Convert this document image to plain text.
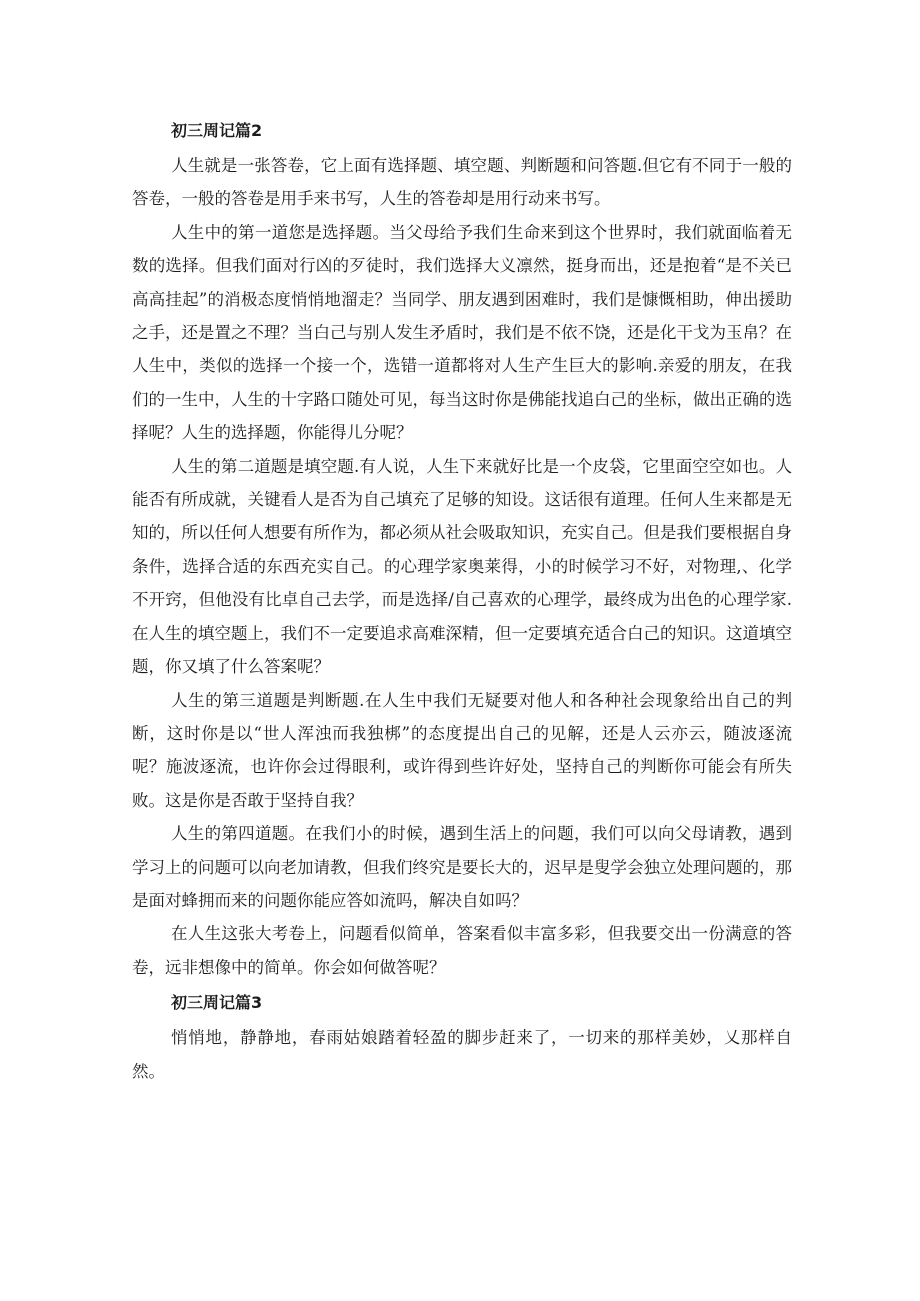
初三周记篇2

人生就是一张答卷，它上面有选择题、填空题、判断题和问答题.但它有不同于一般的答卷，一般的答卷是用手来书写，人生的答卷却是用行动来书写。

人生中的第一道您是选择题。当父母给予我们生命来到这个世界时，我们就面临着无数的选择。但我们面对行凶的歹徒时，我们选择大义凛然，挺身而出，还是抱着“是不关已高高挂起”的消极态度悄悄地溜走？当同学、朋友遇到困难时，我们是慷慨相助，伸出援助之手，还是置之不理？当白己与别人发生矛盾时，我们是不依不饶，还是化干戈为玉帛？在人生中，类似的选择一个接一个，选错一道都将对人生产生巨大的影响.亲爱的朋友，在我们的一生中，人生的十字路口随处可见，每当这时你是佛能找追白己的坐标，做出正确的选择呢？人生的选择题，你能得儿分呢？

人生的第二道题是填空题.有人说，人生下来就好比是一个皮袋，它里面空空如也。人能否有所成就，关键看人是否为自己填充了足够的知设。这话很有道理。任何人生来都是无知的，所以任何人想要有所作为，都必须从社会吸取知识，充实自己。但是我们要根据自身条件，选择合适的东西充实自己。的心理学家奥莱得，小的时候学习不好，对物理,、化学不开窍，但他没有比卓自己去学，而是选择/自己喜欢的心理学，最终成为出色的心理学家.在人生的填空题上，我们不一定要追求高难深精，但一定要填充适合白己的知识。这道填空题，你又填了什么答案呢？

人生的第三道题是判断题.在人生中我们无疑要对他人和各种社会现象给出自己的判断，这时你是以“世人浑浊而我独梆”的态度提出自己的见解，还是人云亦云，随波逐流呢？施波逐流，也许你会过得眼利，或许得到些许好处，坚持自己的判断你可能会有所失败。这是你是否敢于坚持自我？

人生的第四道题。在我们小的时候，遇到生活上的问题，我们可以向父母请教，遇到学习上的问题可以向老加请教，但我们终究是要长大的，迟早是叟学会独立处理问题的，那是面对蜂拥而来的问题你能应答如流吗，解决自如吗？

在人生这张大考卷上，问题看似简单，答案看似丰富多彩，但我要交出一份满意的答卷，远非想像中的简单。你会如何做答呢？

初三周记篇3

悄悄地，静静地，春雨姑娘踏着轻盈的脚步赶来了，一切来的那样美妙，乂那样自然。
